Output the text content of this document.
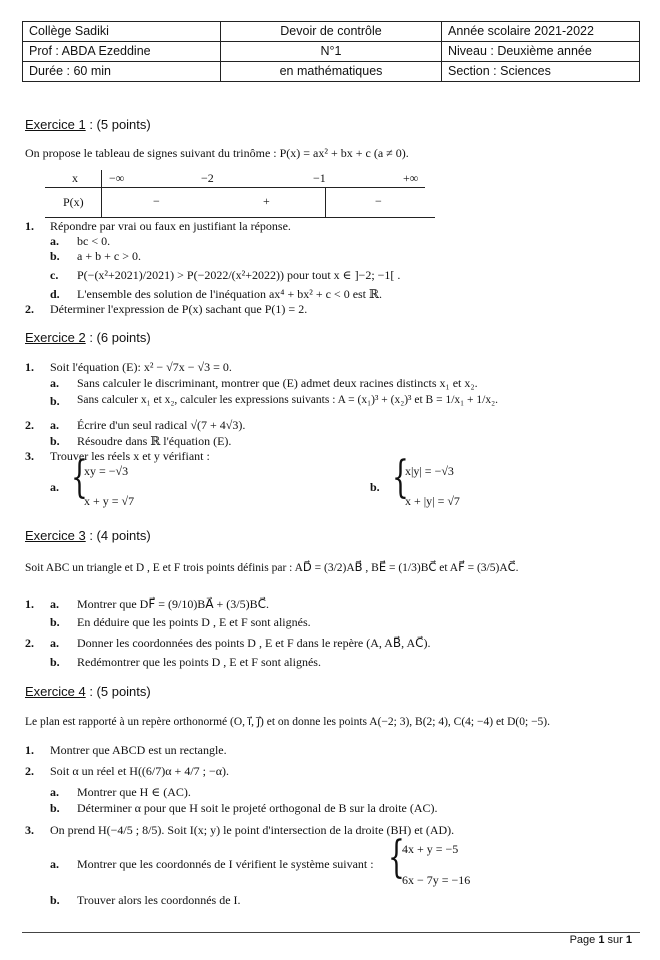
Collège Sadiki	Devoir de contrôle	Année scolaire 2021-2022
Prof : ABDA Ezeddine	N°1	Niveau : Deuxième année
Durée : 60 min	en mathématiques	Section : Sciences
Exercice 1 : (5 points)
On propose le tableau de signes suivant du trinôme : P(x) = ax² + bx + c (a ≠ 0).
x	−∞	−2	−1	+∞
P(x)	−	+	−
1. Répondre par vrai ou faux en justifiant la réponse.
a. bc < 0.
b. a + b + c > 0.
c. P(−(x²+2021)/2021) > P(−2022/(x²+2022)) pour tout x ∈ ]−2; −1[ .
d. L'ensemble des solution de l'inéquation ax⁴ + bx² + c < 0 est ℝ.
2. Déterminer l'expression de P(x) sachant que P(1) = 2.
Exercice 2 : (6 points)
1. Soit l'équation (E): x² − √7x − √3 = 0.
a. Sans calculer le discriminant, montrer que (E) admet deux racines distincts x₁ et x₂.
b. Sans calculer x₁ et x₂, calculer les expressions suivants : A = (x₁)³ + (x₂)³ et B = 1/x₁ + 1/x₂.
2. a. Écrire d'un seul radical √(7 + 4√3).
b. Résoudre dans ℝ l'équation (E).
3. Trouver les réels x et y vérifiant :
a. {
xy = −√3
x + y = √7
b. {
x|y| = −√3
x + |y| = √7
Exercice 3 : (4 points)
Soit ABC un triangle et D , E et F trois points définis par : AD⃗ = (3/2)AB⃗ , BE⃗ = (1/3)BC⃗ et AF⃗ = (3/5)AC⃗.
1. a. Montrer que DF⃗ = (9/10)BA⃗ + (3/5)BC⃗.
b. En déduire que les points D , E et F sont alignés.
2. a. Donner les coordonnées des points D , E et F dans le repère (A, AB⃗, AC⃗).
b. Redémontrer que les points D , E et F sont alignés.
Exercice 4 : (5 points)
Le plan est rapporté à un repère orthonormé (O, ı⃗, ȷ⃗) et on donne les points A(−2; 3), B(2; 4), C(4; −4) et D(0; −5).
1. Montrer que ABCD est un rectangle.
2. Soit α un réel et H((6/7)α + 4/7 ; −α).
a. Montrer que H ∈ (AC).
b. Déterminer α pour que H soit le projeté orthogonal de B sur la droite (AC).
3. On prend H(−4/5 ; 8/5). Soit I(x; y) le point d'intersection de la droite (BH) et (AD).
a. Montrer que les coordonnés de I vérifient le système suivant : {
4x + y = −5
6x − 7y = −16
b. Trouver alors les coordonnés de I.
Page 1 sur 1
